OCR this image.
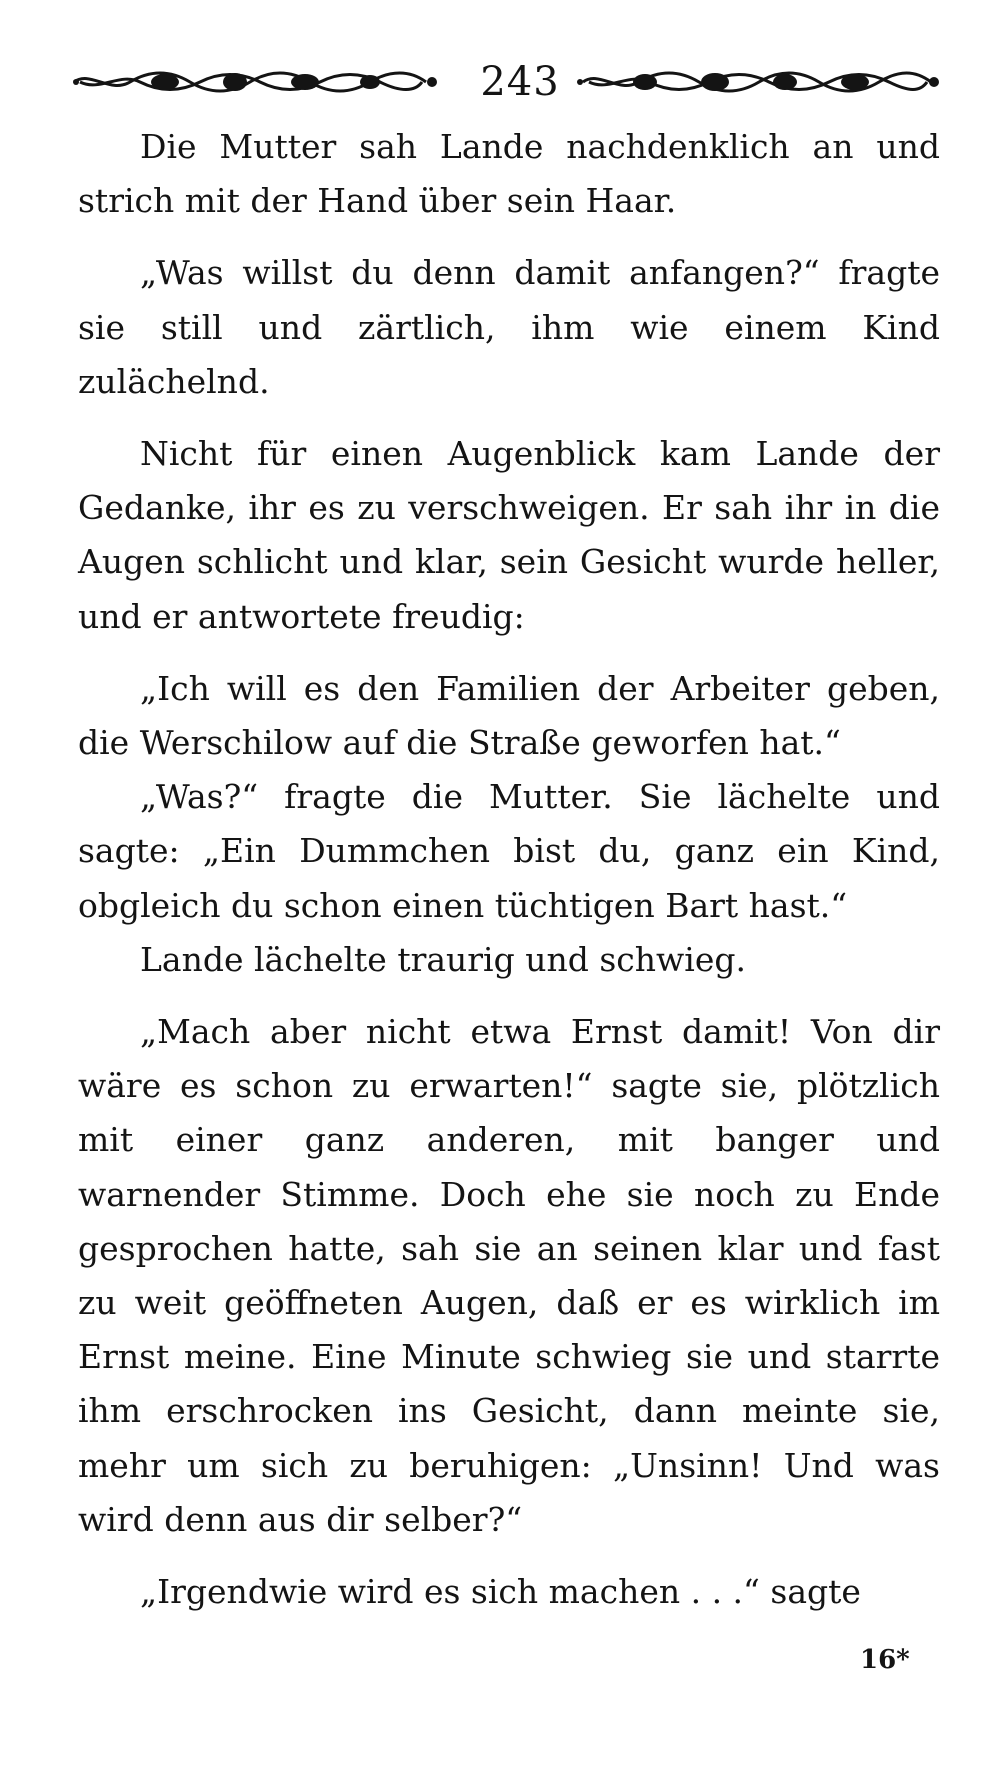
243

Die Mutter sah Lande nachdenklich an und strich mit der Hand über sein Haar.

„Was willst du denn damit anfangen?“ fragte sie still und zärtlich, ihm wie einem Kind zulächelnd.

Nicht für einen Augenblick kam Lande der Gedanke, ihr es zu verschweigen. Er sah ihr in die Augen schlicht und klar, sein Gesicht wurde heller, und er antwortete freudig:

„Ich will es den Familien der Arbeiter geben, die Werschilow auf die Straße geworfen hat.“

„Was?“ fragte die Mutter. Sie lächelte und sagte: „Ein Dummchen bist du, ganz ein Kind, obgleich du schon einen tüchtigen Bart hast.“

Lande lächelte traurig und schwieg.

„Mach aber nicht etwa Ernst damit! Von dir wäre es schon zu erwarten!“ sagte sie, plötzlich mit einer ganz anderen, mit banger und warnender Stimme. Doch ehe sie noch zu Ende gesprochen hatte, sah sie an seinen klar und fast zu weit geöffneten Augen, daß er es wirklich im Ernst meine. Eine Minute schwieg sie und starrte ihm erschrocken ins Gesicht, dann meinte sie, mehr um sich zu beruhigen: „Unsinn! Und was wird denn aus dir selber?“

„Irgendwie wird es sich machen . . .“ sagte

16*
